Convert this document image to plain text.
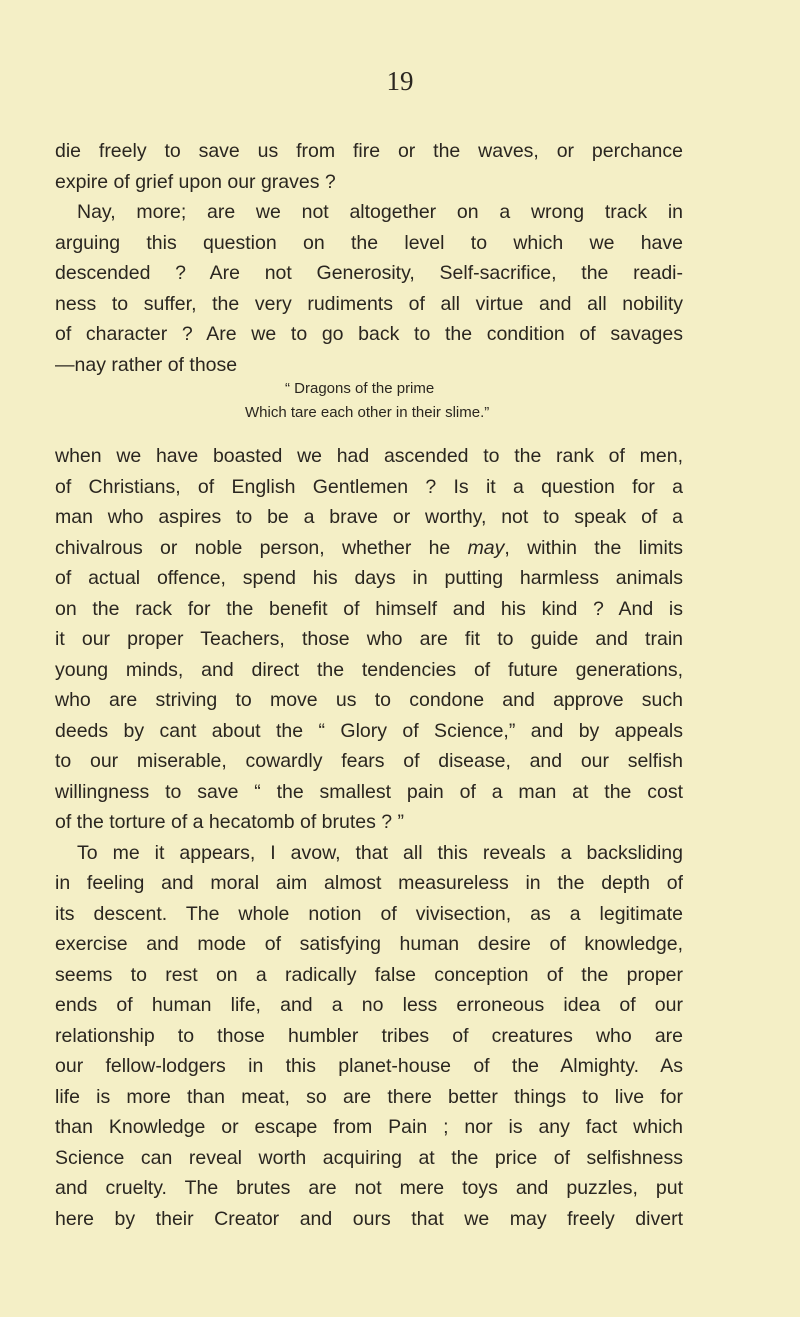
19
die freely to save us from fire or the waves, or perchance
expire of grief upon our graves ?
Nay, more; are we not altogether on a wrong track in
arguing this question on the level to which we have
descended ? Are not Generosity, Self-sacrifice, the readi-
ness to suffer, the very rudiments of all virtue and all nobility
of character ? Are we to go back to the condition of savages
—nay rather of those
“ Dragons of the prime
Which tare each other in their slime.”
when we have boasted we had ascended to the rank of men,
of Christians, of English Gentlemen ? Is it a question for a
man who aspires to be a brave or worthy, not to speak of a
chivalrous or noble person, whether he may, within the limits
of actual offence, spend his days in putting harmless animals
on the rack for the benefit of himself and his kind ? And is
it our proper Teachers, those who are fit to guide and train
young minds, and direct the tendencies of future generations,
who are striving to move us to condone and approve such
deeds by cant about the “ Glory of Science,” and by appeals
to our miserable, cowardly fears of disease, and our selfish
willingness to save “ the smallest pain of a man at the cost
of the torture of a hecatomb of brutes ? ”
To me it appears, I avow, that all this reveals a backsliding
in feeling and moral aim almost measureless in the depth of
its descent. The whole notion of vivisection, as a legitimate
exercise and mode of satisfying human desire of knowledge,
seems to rest on a radically false conception of the proper
ends of human life, and a no less erroneous idea of our
relationship to those humbler tribes of creatures who are
our fellow-lodgers in this planet-house of the Almighty. As
life is more than meat, so are there better things to live for
than Knowledge or escape from Pain ; nor is any fact which
Science can reveal worth acquiring at the price of selfishness
and cruelty. The brutes are not mere toys and puzzles, put
here by their Creator and ours that we may freely divert
